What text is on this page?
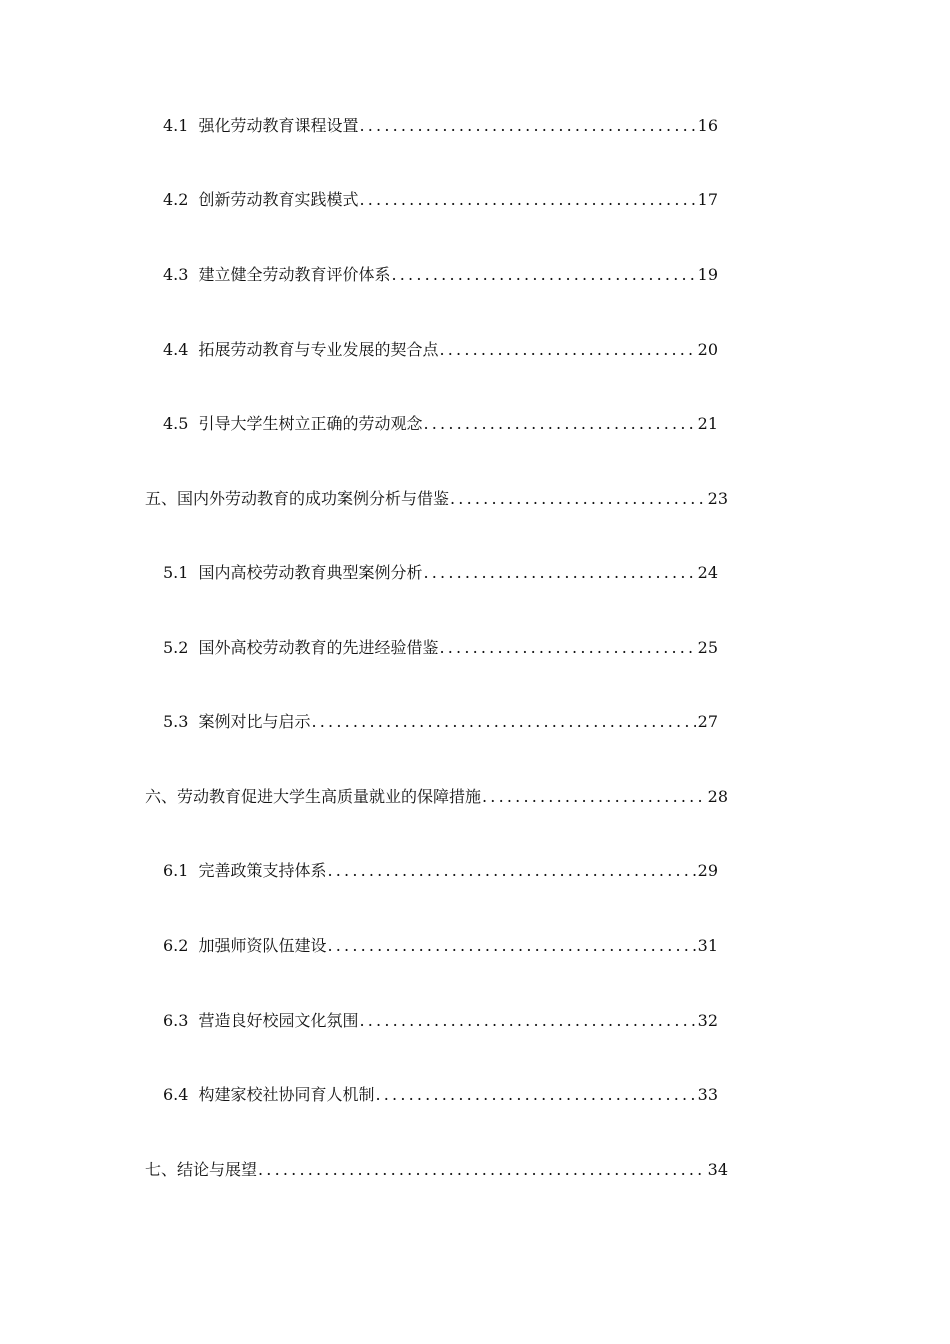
4.1 强化劳动教育课程设置 .....	16
4.2 创新劳动教育实践模式 .....	17
4.3 建立健全劳动教育评价体系 .....	19
4.4 拓展劳动教育与专业发展的契合点 .....	20
4.5 引导大学生树立正确的劳动观念 .....	21
五、国内外劳动教育的成功案例分析与借鉴 .....	23
5.1 国内高校劳动教育典型案例分析 .....	24
5.2 国外高校劳动教育的先进经验借鉴 .....	25
5.3 案例对比与启示 .....	27
六、劳动教育促进大学生高质量就业的保障措施 .....	28
6.1 完善政策支持体系 .....	29
6.2 加强师资队伍建设 .....	31
6.3 营造良好校园文化氛围 .....	32
6.4 构建家校社协同育人机制 .....	33
七、结论与展望 .....	34
